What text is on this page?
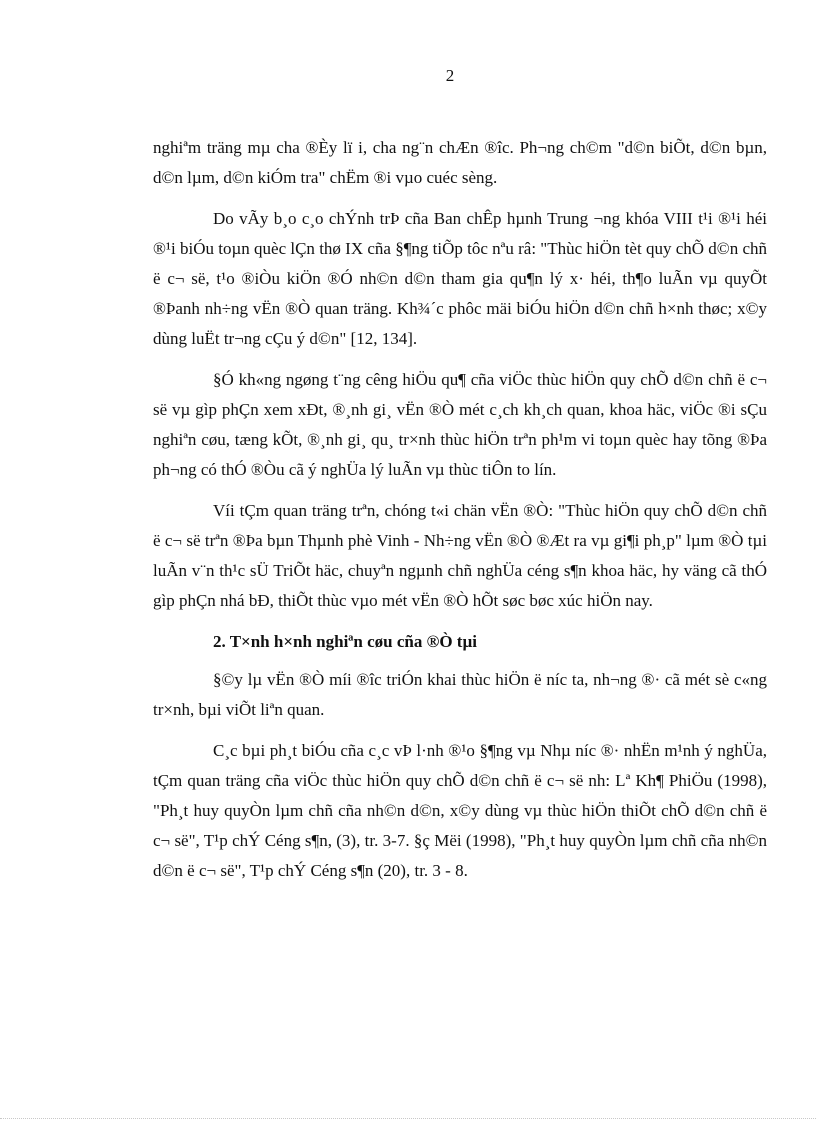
2

nghiªm träng mµ cha ®Èy lï i, cha ng¨n chÆn ®îc. Ph¬ng ch©m "d©n biÕt, d©n bµn, d©n lµm, d©n kiÓm tra" chËm ®i vµo cuéc sèng.

Do vÃy b¸o c¸o chÝnh trÞ cña Ban chÊp hµnh Trung ¬ng khóa VIII t¹i ®¹i héi ®¹i biÓu toµn quèc lÇn thø IX cña §¶ng tiÕp tôc nªu râ: "Thùc hiÖn tèt quy chÕ d©n chñ ë c¬ së, t¹o ®iÒu kiÖn ®Ó nh©n d©n tham gia qu¶n lý x· héi, th¶o luÃn vµ quyÕt ®Þanh nh÷ng vËn ®Ò quan träng. Kh¾´c phôc mäi biÓu hiÖn d©n chñ h×nh thøc; x©y dùng luËt tr¬ng cÇu ý d©n" [12, 134].

§Ó kh«ng ngøng t¨ng cêng hiÖu qu¶ cña viÖc thùc hiÖn quy chÕ d©n chñ ë c¬ së vµ gìp phÇn xem xÐt, ®¸nh gi¸ vËn ®Ò mét c¸ch kh¸ch quan, khoa häc, viÖc ®i sÇu nghiªn cøu, tæng kÕt, ®¸nh gi¸ qu¸ tr×nh thùc hiÖn trªn ph¹m vi toµn quèc hay tõng ®Þa ph¬ng có thÓ ®Òu cã ý nghÜa lý luÃn vµ thùc tiÔn to lín.

Víi tÇm quan träng trªn, chóng t«i chän vËn ®Ò: "Thùc hiÖn quy chÕ d©n chñ ë c¬ së trªn ®Þa bµn Thµnh phè Vinh - Nh÷ng vËn ®Ò ®Æt ra vµ gi¶i ph¸p" lµm ®Ò tµi luÃn v¨n th¹c sÜ TriÕt häc, chuyªn ngµnh chñ nghÜa céng s¶n khoa häc, hy väng cã thÓ gìp phÇn nhá bÐ, thiÕt thùc vµo mét vËn ®Ò hÕt søc bøc xúc hiÖn nay.

2. T×nh h×nh nghiªn cøu cña ®Ò tµi

§©y lµ vËn ®Ò míi ®îc triÓn khai thùc hiÖn ë níc ta, nh¬ng ®· cã mét sè c«ng tr×nh, bµi viÕt liªn quan.

C¸c bµi ph¸t biÓu cña c¸c vÞ l·nh ®¹o §¶ng vµ Nhµ níc ®· nhËn m¹nh ý nghÜa, tÇm quan träng cña viÖc thùc hiÖn quy chÕ d©n chñ ë c¬ së nh: Lª Kh¶ PhiÖu (1998), "Ph¸t huy quyÒn lµm chñ cña nh©n d©n, x©y dùng vµ thùc hiÖn thiÕt chÕ d©n chñ ë c¬ së", T¹p chÝ Céng s¶n, (3), tr. 3-7. §ç Mëi (1998), "Ph¸t huy quyÒn lµm chñ cña nh©n d©n ë c¬ së", T¹p chÝ Céng s¶n (20), tr. 3 - 8.
